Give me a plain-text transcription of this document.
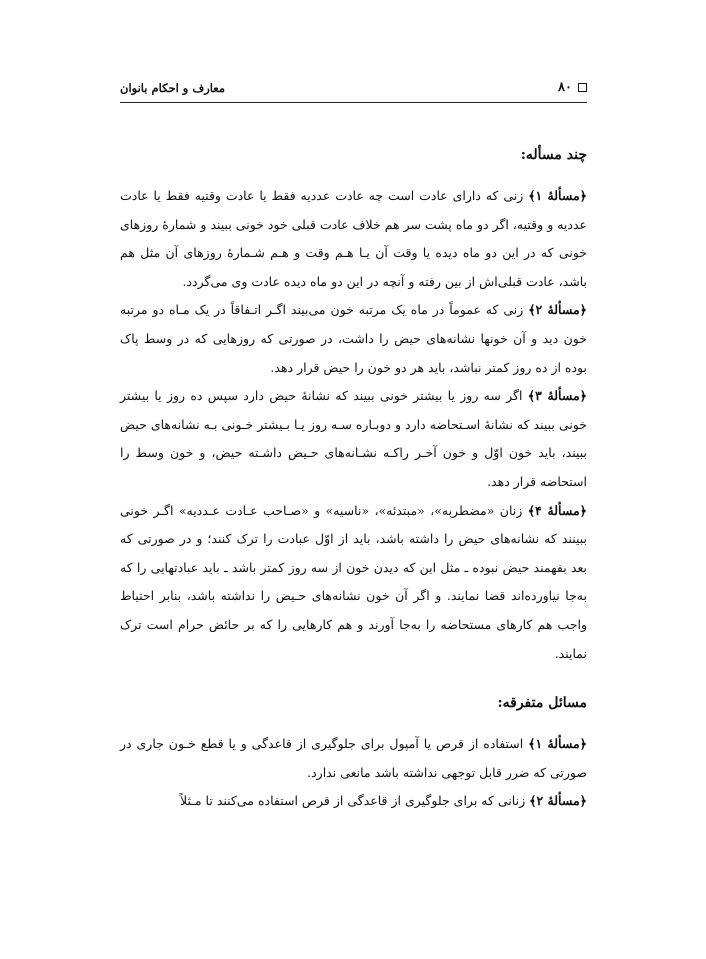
۸۰
معارف و احکام بانوان
چند مسأله:

﴿مسألهٔ ۱﴾ زنی که دارای عادت است چه عادت عددیه فقط یا عادت وقتیه فقط یا عادت عددیه و وقتیه، اگر دو ماه پشت سر هم خلاف عادت قبلی خود خونی ببیند و شمارهٔ روزهای خونی که در این دو ماه دیده یا وقت آن یـا هـم وقت و هـم شـمارهٔ روزهای آن مثل هم باشد، عادت قبلی‌اش از بین رفته و آنچه در این دو ماه دیده عادت وی می‌گردد.

﴿مسألهٔ ۲﴾ زنی که عموماً در ماه یک مرتبه خون می‌بیند اگـر اتـفاقاً در یک مـاه دو مرتبه خون دید و آن خونها نشانه‌های حیض را داشت، در صورتی که روزهایی که در وسط پاک بوده از ده روز کمتر نباشد، باید هر دو خون را حیض قرار دهد.

﴿مسألهٔ ۳﴾ اگر سه روز یا بیشتر خونی ببیند که نشانهٔ حیض دارد سپس ده روز یا بیشتر خونی ببیند که نشانهٔ اسـتحاضه دارد و دوبـاره سـه روز یـا بـیشتر خـونی بـه نشانه‌های حیض ببیند، باید خون اوّل و خون آخـر راکـه نشـانه‌های حـیض داشـته حیض، و خون وسط را استحاضه قرار دهد.

﴿مسألهٔ ۴﴾ زنان «مضطربه»، «مبتدئه»، «ناسیه» و «صـاحب عـادت عـددیه» اگـر خونی ببینند که نشانه‌های حیض را داشته باشد، باید از اوّل عبادت را ترک کنند؛ و در صورتی که بعد بفهمند حیض نبوده ـ مثل این که دیدن خون از سه روز کمتر باشد ـ باید عبادتهایی را که به‌جا نیاورده‌اند قضا نمایند. و اگر آن خون نشانه‌های حـیض را نداشته باشد، بنابر احتیاط واجب هم کارهای مستحاضه را به‌جا آورند و هم کارهایی را که بر حائض حرام است ترک نمایند.

مسائل متفرقه:

﴿مسألهٔ ۱﴾ استفاده از قرص یا آمپول برای جلوگیری از قاعدگی و یا قطع خـون جاری در صورتی که ضرر قابل توجهی نداشته باشد مانعی ندارد.

﴿مسألهٔ ۲﴾ زنانی که برای جلوگیری از قاعدگی از قرص استفاده می‌کنند تا مـثلاً
